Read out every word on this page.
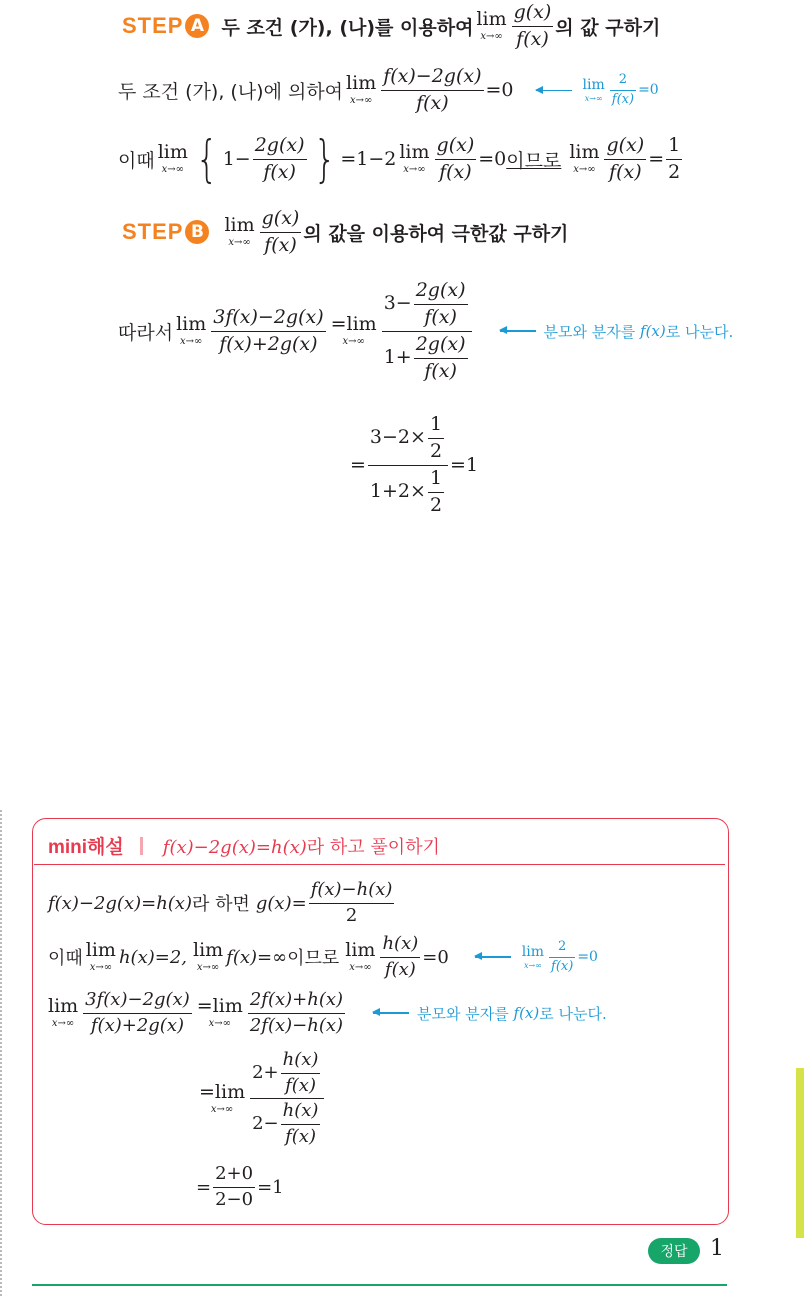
STEP A 두 조건 (가), (나)를 이용하여 lim
$x\to\infty \frac{g(x)}{f(x)}$ 의 값 구하기
두 조건 (가), (나)에 의하여 lim
$x\to\infty \frac{f(x)-2g(x)}{f(x)} =0$	lim
$x\to\infty \frac{2}{f(x)} =0$
이때 lim
x→∞ { $1- \frac{2g(x)}{f(x)}$ } =1−2 lim
$x\to\infty \frac{g(x)}{f(x)} =0$ 이므로 lim
$x\to\infty \frac{g(x)}{f(x)} = \frac{1}{2}$
STEP B lim
$x\to\infty \frac{g(x)}{f(x)}$ 의 값을 이용하여 극한값 구하기
따라서 lim
$x\to\infty \frac{3f(x)-2g(x)}{f(x)+2g(x)} =\lim$
$x\to\infty \frac{3- \frac{2g(x)}{f(x)}}{1+ \frac{2g(x)}{f(x)}}$	분모와 분자를
f(x) 로 나눈다.
= $\frac{3-2\times \frac{1}{2}}{1+2\times \frac{1}{2}} =1$
mini해설 f(x)−2g(x)=h(x)라 하고 풀이하기
f(x)−2g(x)=h(x) 라 하면 $g(x)= \frac{f(x)-h(x)}{2}$
이때 lim
x→∞ h(x)=2, lim
x→∞ f(x)=∞ 이므로 lim
$x\to\infty \frac{h(x)}{f(x)} =0$	lim
$x\to\infty \frac{2}{f(x)} =0$
lim
$x\to\infty \frac{3f(x)-2g(x)}{f(x)+2g(x)} =\lim$
$x\to\infty \frac{2f(x)+h(x)}{2f(x)-h(x)}$	분모와 분자를
f(x) 로 나눈다.
=lim
$x\to\infty \frac{2+ \frac{h(x)}{f(x)}}{2- \frac{h(x)}{f(x)}}$
= $\frac{2+0}{2-0} =1$
정답	1
